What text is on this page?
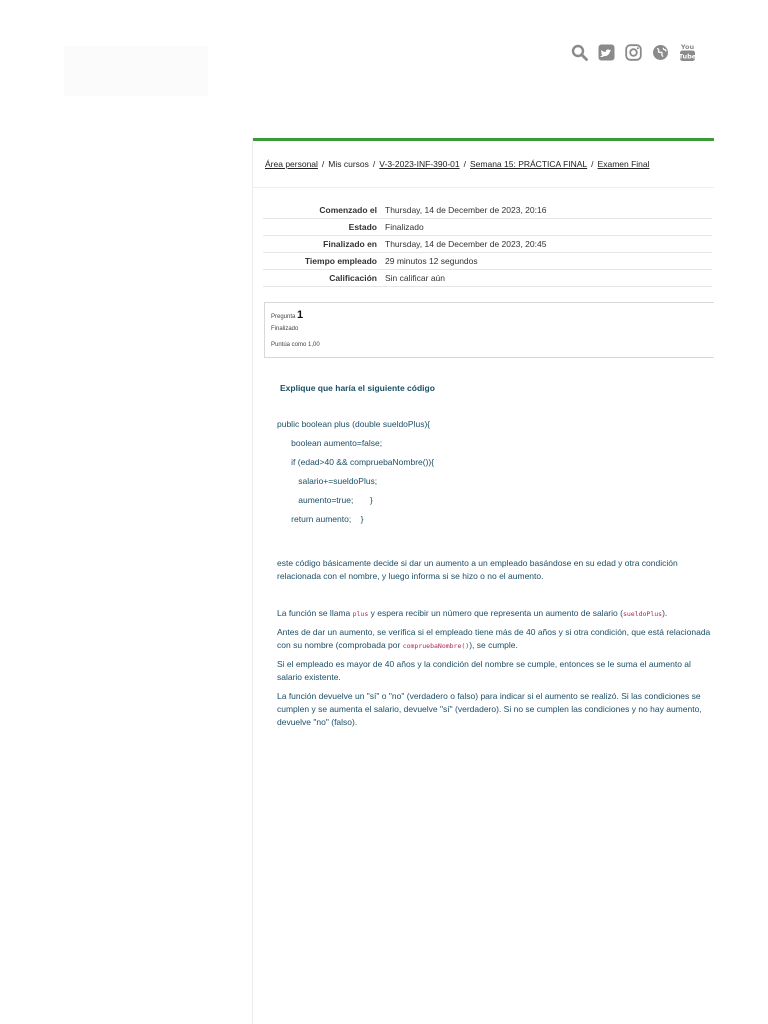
You
Tube
Área personal / Mis cursos / V-3-2023-INF-390-01 / Semana 15: PRÁCTICA FINAL / Examen Final
Comenzado el	Thursday, 14 de December de 2023, 20:16
Estado	Finalizado
Finalizado en	Thursday, 14 de December de 2023, 20:45
Tiempo empleado	29 minutos 12 segundos
Calificación	Sin calificar aún
Pregunta 1
Finalizado
Puntúa como 1,00
Explique que haría el siguiente código
public boolean plus (double sueldoPlus){
boolean aumento=false;
if (edad>40 && compruebaNombre()){
salario+=sueldoPlus;
aumento=true;       }
return aumento;    }
este código básicamente decide si dar un aumento a un empleado basándose en su edad y otra condición relacionada con el nombre, y luego informa si se hizo o no el aumento.
La función se llama plus y espera recibir un número que representa un aumento de salario (sueldoPlus).
Antes de dar un aumento, se verifica si el empleado tiene más de 40 años y si otra condición, que está relacionada con su nombre (comprobada por compruebaNombre()), se cumple.
Si el empleado es mayor de 40 años y la condición del nombre se cumple, entonces se le suma el aumento al salario existente.
La función devuelve un "sí" o "no" (verdadero o falso) para indicar si el aumento se realizó. Si las condiciones se cumplen y se aumenta el salario, devuelve "sí" (verdadero). Si no se cumplen las condiciones y no hay aumento, devuelve "no" (falso).
